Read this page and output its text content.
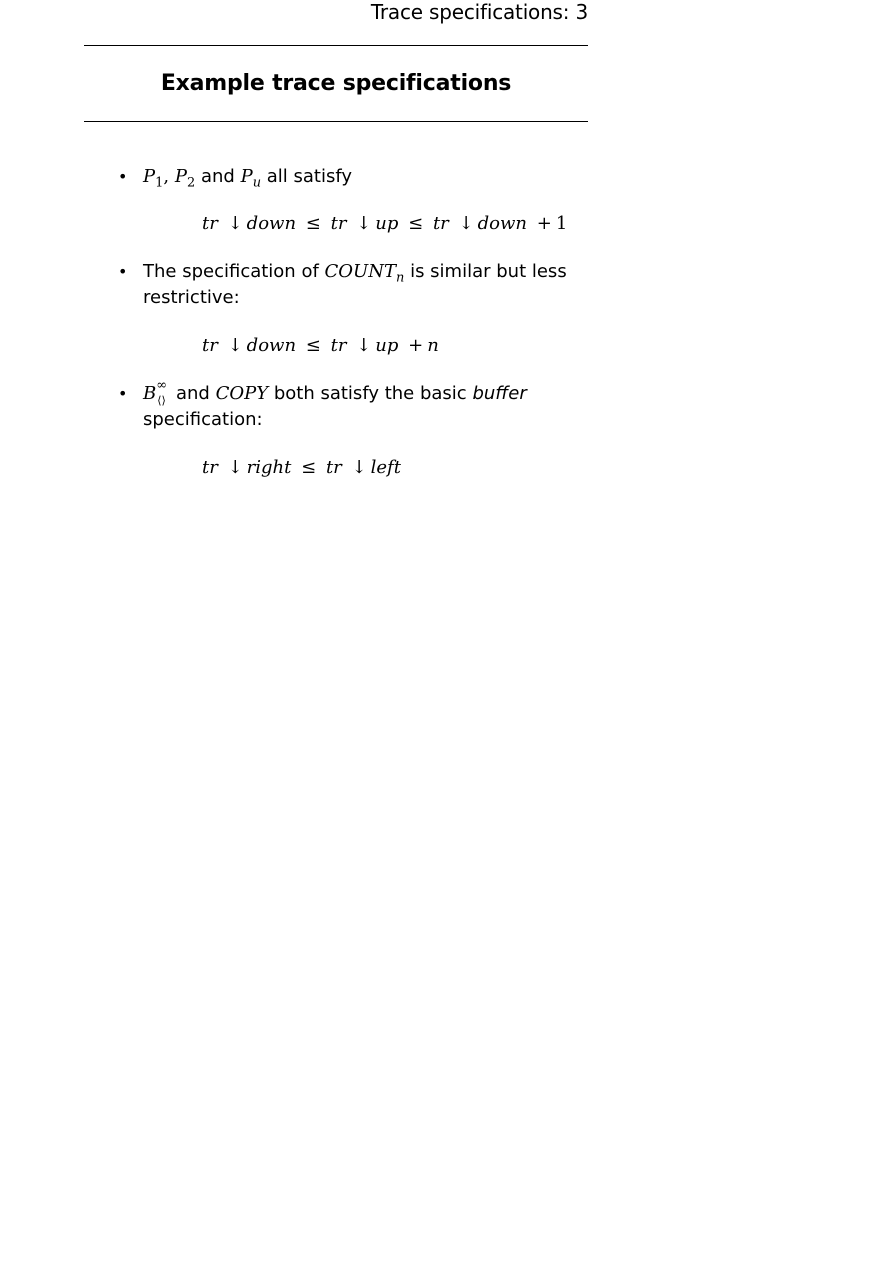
Trace specifications: 3
Example trace specifications
• $P_1$, $P_2$ and $P_u$ all satisfy
tr ↓ down ≤ tr ↓ up ≤ tr ↓ down + 1
• The specification of $COUNT_n$ is similar but less
restrictive:
tr ↓ down ≤ tr ↓ up + n
• B ∞
⟨⟩ and COPY both satisfy the basic buffer
specification:
tr ↓ right ≤ tr ↓ left
